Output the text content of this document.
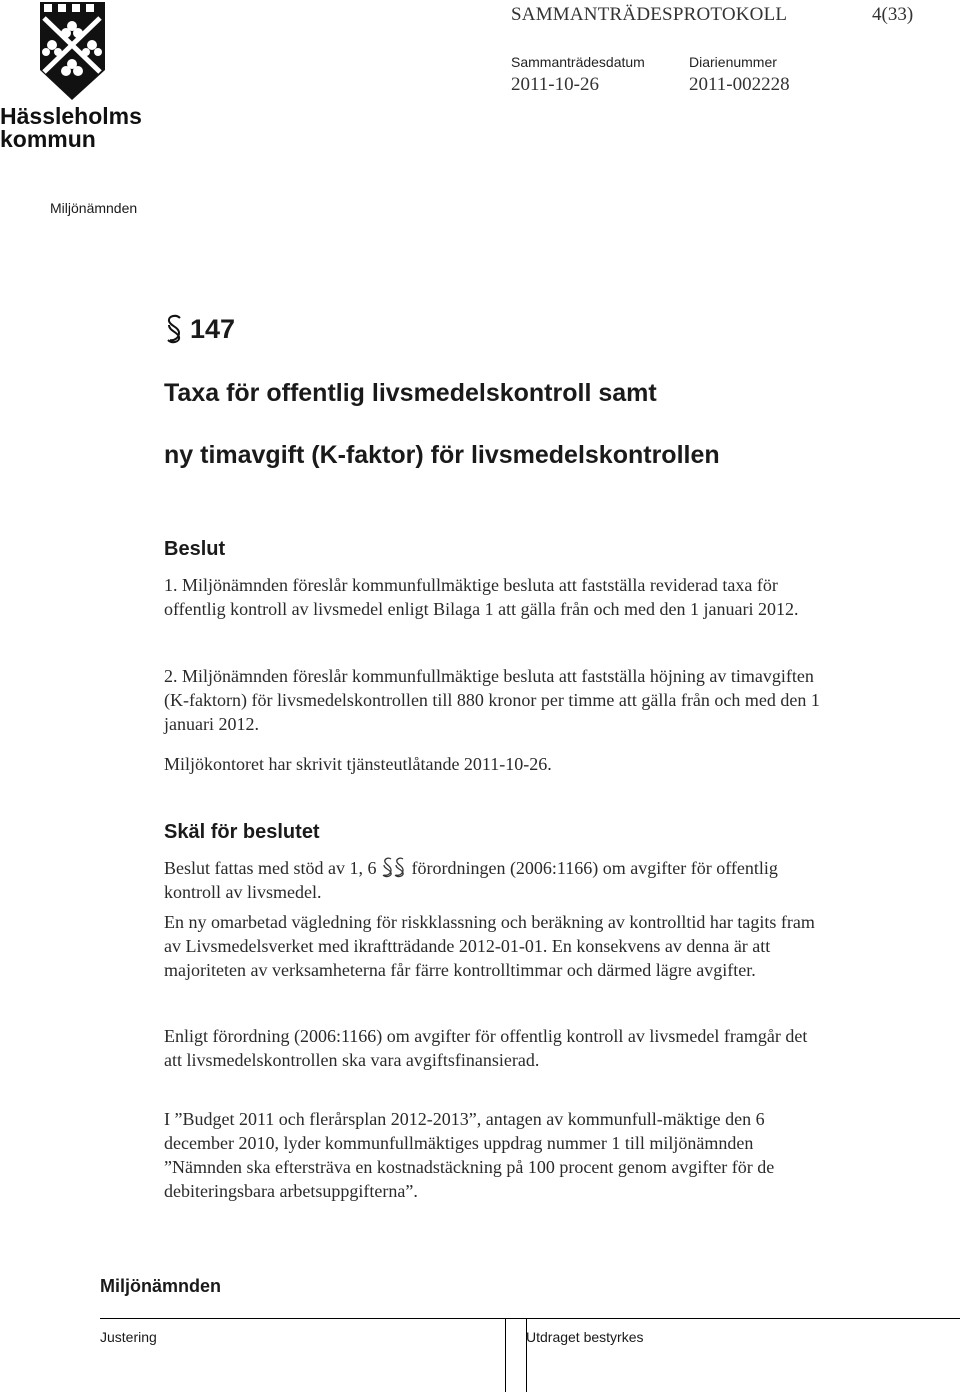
Hässleholms
kommun
SAMMANTRÄDESPROTOKOLL	4(33)
Sammanträdesdatum
2011-10-26
Diarienummer
2011-002228
Miljönämnden
147
Taxa för offentlig livsmedelskontroll samt
ny timavgift (K-faktor) för livsmedelskontrollen
Beslut

1. Miljönämnden föreslår kommunfullmäktige besluta att fastställa reviderad taxa för offentlig kontroll av livsmedel enligt Bilaga 1 att gälla från och med den 1 januari 2012.

2. Miljönämnden föreslår kommunfullmäktige besluta att fastställa höjning av timavgiften (K-faktorn) för livsmedelskontrollen till 880 kronor per timme att gälla från och med den 1 januari 2012.

Miljökontoret har skrivit tjänsteutlåtande 2011-10-26.

Skäl för beslutet

Beslut fattas med stöd av 1, 6 förordningen (2006:1166) om avgifter för offentlig kontroll av livsmedel.

En ny omarbetad vägledning för riskklassning och beräkning av kontrolltid har tagits fram av Livsmedelsverket med ikraftträdande 2012-01-01. En konsekvens av denna är att majoriteten av verksamheterna får färre kontrolltimmar och därmed lägre avgifter.

Enligt förordning (2006:1166) om avgifter för offentlig kontroll av livsmedel framgår det att livsmedelskontrollen ska vara avgiftsfinansierad.

I ”Budget 2011 och flerårsplan 2012-2013”, antagen av kommunfull-mäktige den 6 december 2010, lyder kommunfullmäktiges uppdrag nummer 1 till miljönämnden ”Nämnden ska eftersträva en kostnadstäckning på 100 procent genom avgifter för de debiteringsbara arbetsuppgifterna”.

Miljönämnden
Justering	Utdraget bestyrkes
